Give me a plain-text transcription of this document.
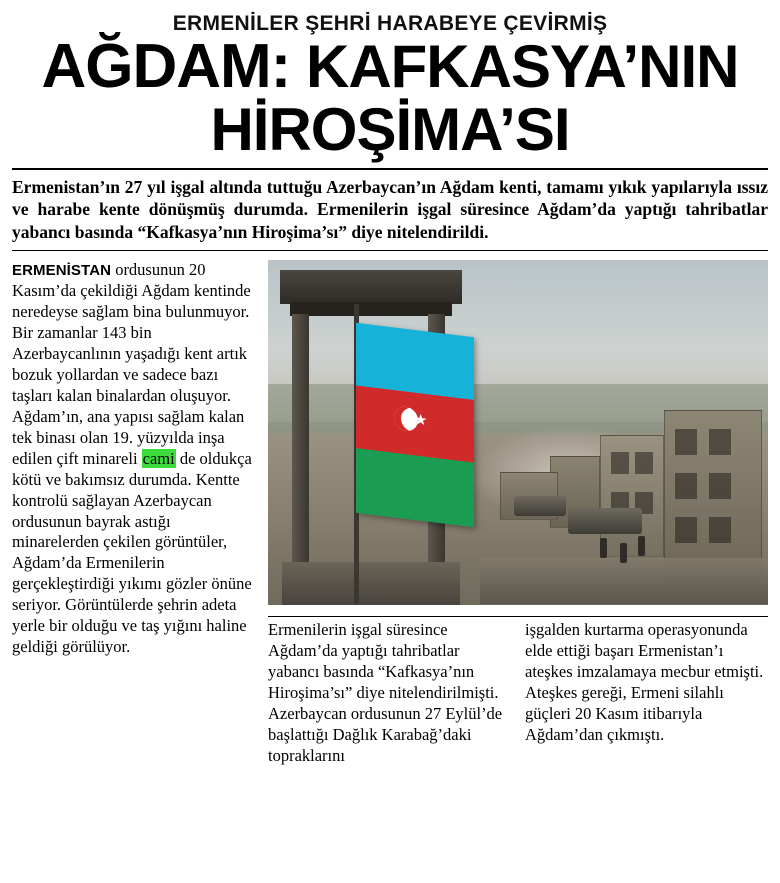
ERMENİLER ŞEHRİ HARABEYE ÇEVİRMİŞ
AĞDAM: KAFKASYA’NIN
HİROŞİMA’SI
Ermenistan’ın 27 yıl işgal altında tuttuğu Azerbaycan’ın Ağdam kenti, tamamı yıkık yapılarıyla ıssız ve harabe kente dönüşmüş durumda. Ermenilerin işgal süresince Ağdam’da yaptığı tahribatlar yabancı basında “Kafkasya’nın Hiroşima’sı” diye nitelendirildi.

ERMENİSTAN ordusunun 20 Kasım’da çekildiği Ağdam kentinde neredeyse sağlam bina bulunmuyor. Bir zamanlar 143 bin Azerbaycanlının yaşadığı kent artık bozuk yollardan ve sadece bazı taşları kalan binalardan oluşuyor. Ağdam’ın, ana yapısı sağlam kalan tek binası olan 19. yüzyılda inşa edilen çift minareli cami de oldukça kötü ve bakımsız durumda. Kentte kontrolü sağlayan Azerbaycan ordusunun bayrak astığı minarelerden çekilen görüntüler, Ağdam’da Ermenilerin gerçekleştirdiği yıkımı gözler önüne seriyor. Görüntülerde şehrin adeta yerle bir olduğu ve taş yığını haline geldiği görülüyor.

★

Ermenilerin işgal süresince Ağdam’da yaptığı tahribatlar yabancı basında “Kafkasya’nın Hiroşima’sı” diye nitelendirilmişti. Azerbaycan ordusunun 27 Eylül’de başlattığı Dağlık Karabağ’daki topraklarını

işgalden kurtarma operasyonunda elde ettiği başarı Ermenistan’ı ateşkes imzalamaya mecbur etmişti. Ateşkes gereği, Ermeni silahlı güçleri 20 Kasım itibarıyla Ağdam’dan çıkmıştı.
